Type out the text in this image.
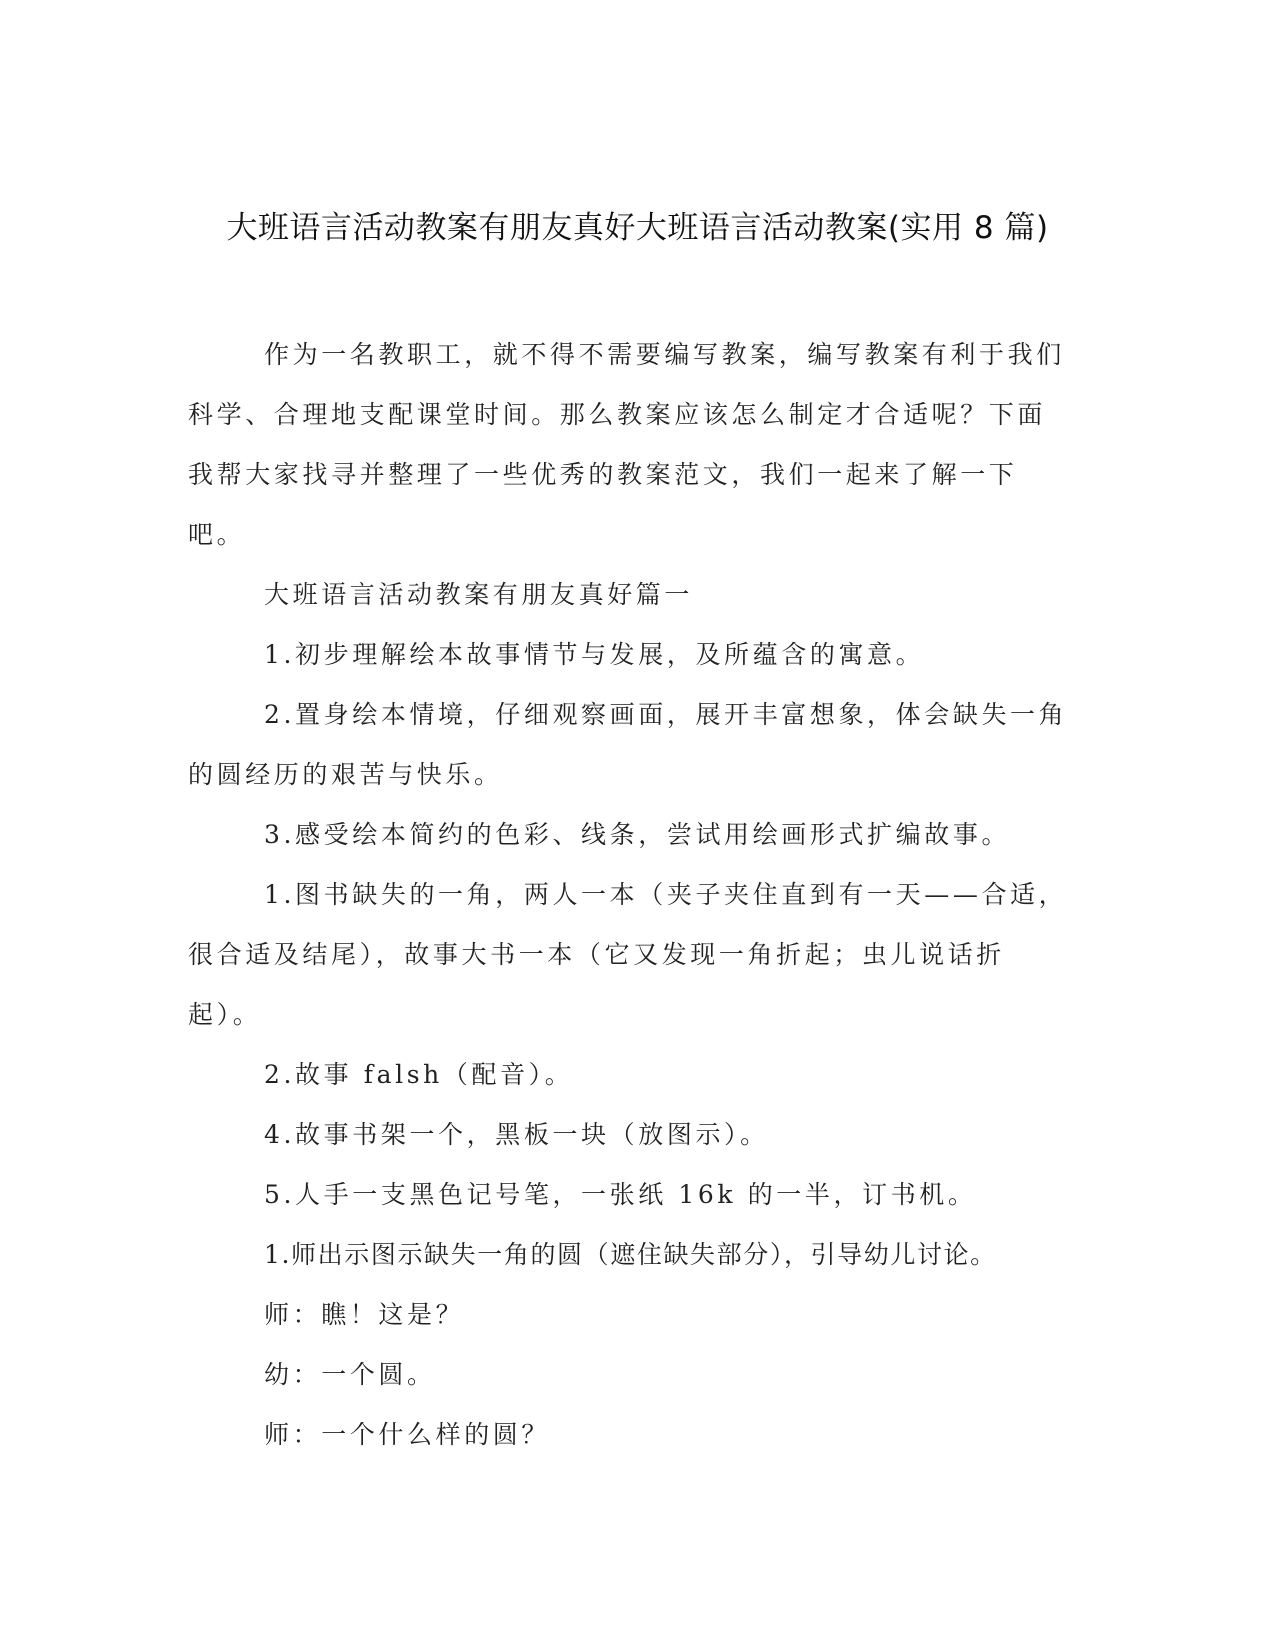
大班语言活动教案有朋友真好大班语言活动教案(实用 8 篇)

作为一名教职工，就不得不需要编写教案，编写教案有利于我们科学、合理地支配课堂时间。那么教案应该怎么制定才合适呢？下面我帮大家找寻并整理了一些优秀的教案范文，我们一起来了解一下吧。

大班语言活动教案有朋友真好篇一

1.初步理解绘本故事情节与发展，及所蕴含的寓意。

2.置身绘本情境，仔细观察画面，展开丰富想象，体会缺失一角的圆经历的艰苦与快乐。

3.感受绘本简约的色彩、线条，尝试用绘画形式扩编故事。

1.图书缺失的一角，两人一本（夹子夹住直到有一天——合适，很合适及结尾），故事大书一本（它又发现一角折起；虫儿说话折起）。

2.故事 falsh（配音）。

4.故事书架一个，黑板一块（放图示）。

5.人手一支黑色记号笔，一张纸 16k 的一半，订书机。

1.师出示图示缺失一角的圆（遮住缺失部分），引导幼儿讨论。

师：瞧！这是？

幼：一个圆。

师：一个什么样的圆？
